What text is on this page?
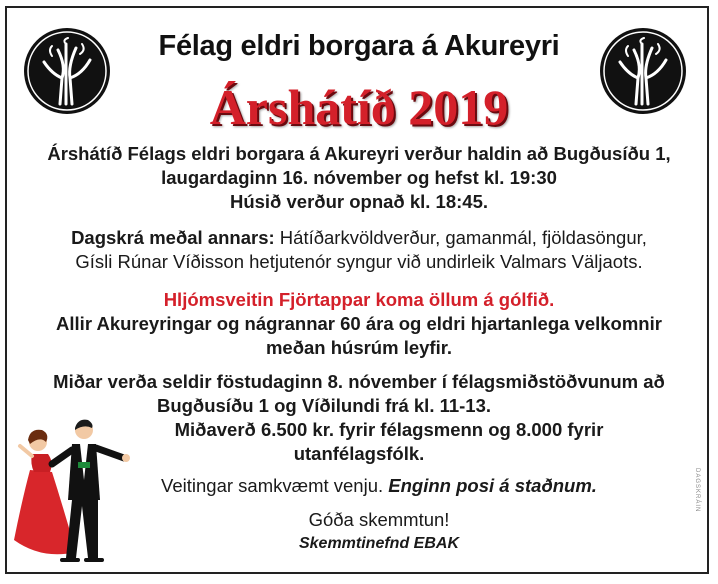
Félag eldri borgara á Akureyri
Árshátíð 2019
Árshátíð Félags eldri borgara á Akureyri verður haldin að Bugðusíðu 1,
laugardaginn 16. nóvember og hefst kl. 19:30
Húsið verður opnað kl. 18:45.
Dagskrá meðal annars: Hátíðarkvöldverður, gamanmál, fjöldasöngur,
Gísli Rúnar Víðisson hetjutenór syngur við undirleik Valmars Väljaots.
Hljómsveitin Fjörtappar koma öllum á gólfið.
Allir Akureyringar og nágrannar 60 ára og eldri hjartanlega velkomnir
meðan húsrúm leyfir.
Miðar verða seldir föstudaginn 8. nóvember í félagsmiðstöðvunum að
Bugðusíðu 1 og Víðilundi frá kl. 11-13.
Miðaverð 6.500 kr. fyrir félagsmenn og 8.000 fyrir
utanfélagsfólk.
Veitingar samkvæmt venju. Enginn posi á staðnum.
Góða skemmtun!
Skemmtinefnd EBAK
DAGSKRÁIN
